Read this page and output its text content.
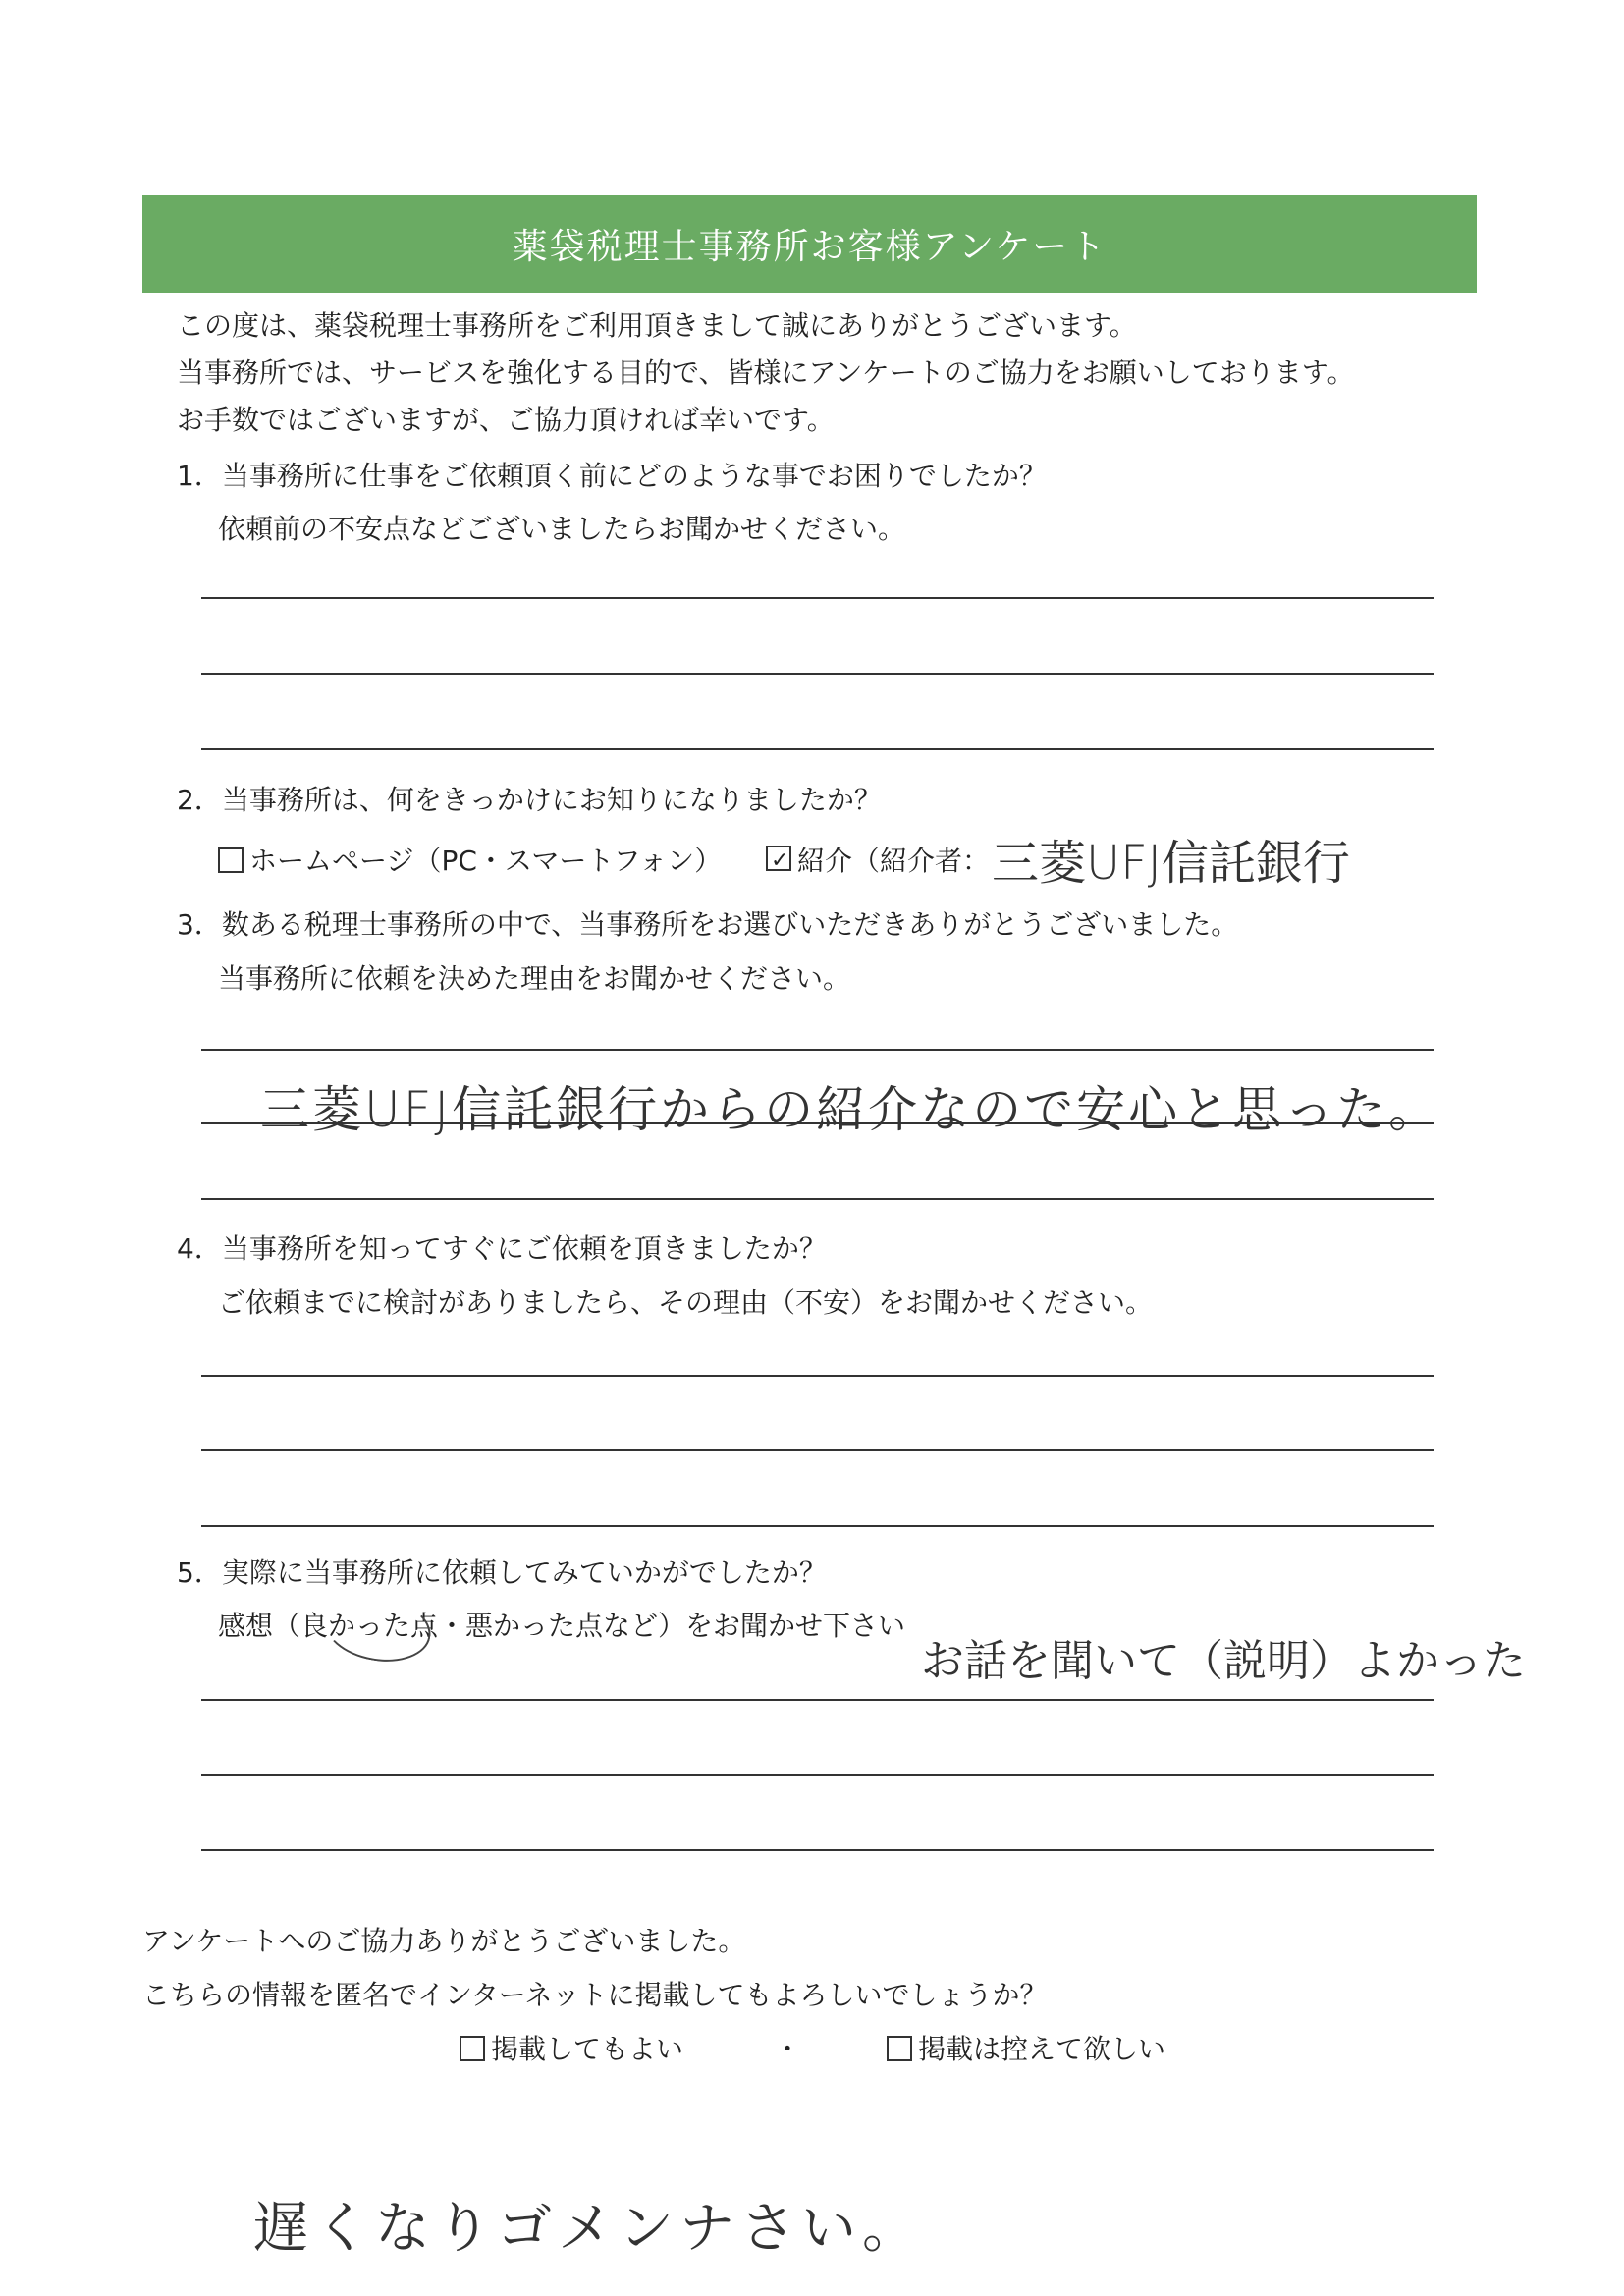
薬袋税理士事務所お客様アンケート
この度は、薬袋税理士事務所をご利用頂きまして誠にありがとうございます。
当事務所では、サービスを強化する目的で、皆様にアンケートのご協力をお願いしております。
お手数ではございますが、ご協力頂ければ幸いです。
1．当事務所に仕事をご依頼頂く前にどのような事でお困りでしたか？
依頼前の不安点などございましたらお聞かせください。
2．当事務所は、何をきっかけにお知りになりましたか？
ホームページ（PC・スマートフォン） ✓	紹介（紹介者： 三菱UFJ信託銀行
3．数ある税理士事務所の中で、当事務所をお選びいただきありがとうございました。
当事務所に依頼を決めた理由をお聞かせください。
三菱UFJ信託銀行からの紹介なので安心と思った。
4．当事務所を知ってすぐにご依頼を頂きましたか？
ご依頼までに検討がありましたら、その理由（不安）をお聞かせください。
5．実際に当事務所に依頼してみていかがでしたか？
感想（良かった点・悪かった点など）をお聞かせ下さい
お話を聞いて（説明）よかった
アンケートへのご協力ありがとうございました。
こちらの情報を匿名でインターネットに掲載してもよろしいでしょうか？
掲載してもよい	・	掲載は控えて欲しい
遅くなりゴメンナさい。
